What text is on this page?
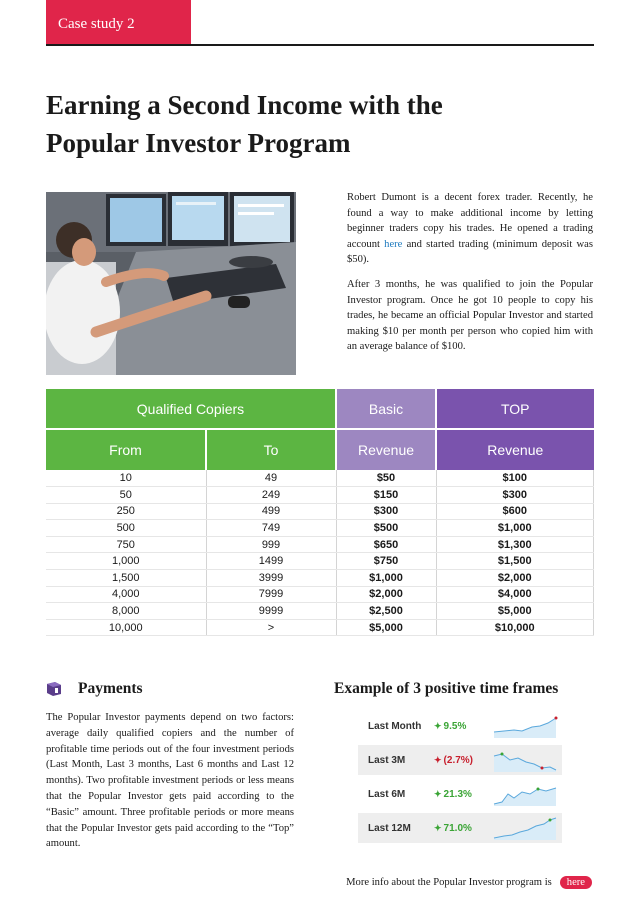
Case study 2
Earning a Second Income with the
Popular Investor Program

Robert Dumont is a decent forex trader. Recently, he found a way to make additional income by letting beginner traders copy his trades. He opened a trading account here and started trading (minimum deposit was $50).

After 3 months, he was qualified to join the Popular Investor program. Once he got 10 people to copy his trades, he became an official Popular Investor and started making $10 per month per person who copied him with an average balance of $100.

Qualified Copiers		Basic	TOP
From	To	Revenue	Revenue
10	49	$50	$100
50	249	$150	$300
250	499	$300	$600
500	749	$500	$1,000
750	999	$650	$1,300
1,000	1499	$750	$1,500
1,500	3999	$1,000	$2,000
4,000	7999	$2,000	$4,000
8,000	9999	$2,500	$5,000
10,000	>	$5,000	$10,000
Payments

The Popular Investor payments depend on two factors: average daily qualified copiers and the number of profitable time periods out of the four investment periods (Last Month, Last 3 months, Last 6 months and Last 12 months). Two profitable investment periods or less means that the Popular Investor gets paid according to the “Basic” amount. Three profitable periods or more means that the Popular Investor gets paid according to the “Top” amount.

Example of 3 positive time frames
Last Month	✦ 9.5%
Last 3M	✦ (2.7%)
Last 6M	✦ 21.3%
Last 12M	✦ 71.0%
More info about the Popular Investor program is	here
